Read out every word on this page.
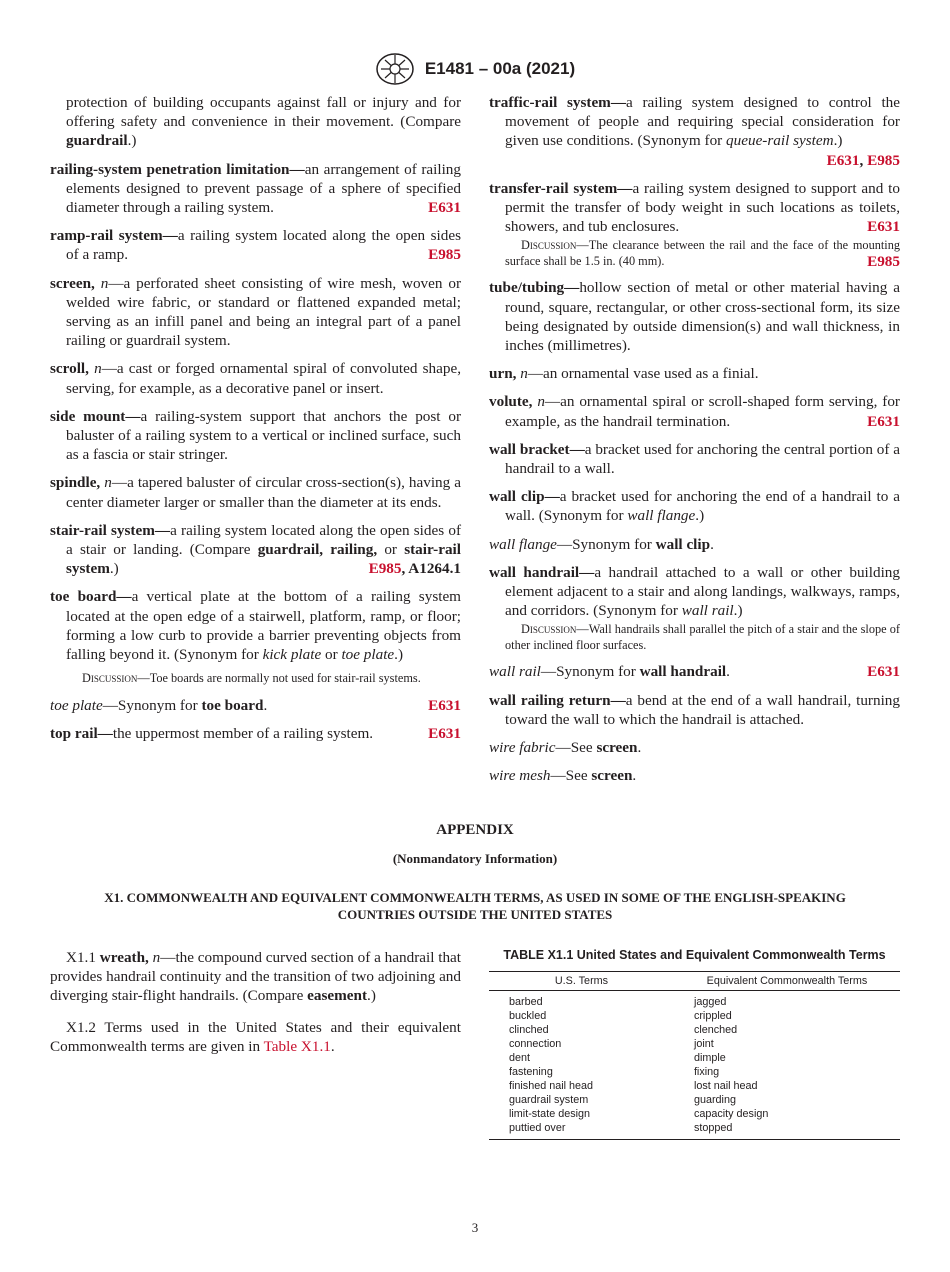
E1481 – 00a (2021)

protection of building occupants against fall or injury and for offering safety and convenience in their movement. (Compare guardrail.)

railing-system penetration limitation—an arrangement of railing elements designed to prevent passage of a sphere of specified diameter through a railing system.	E631

ramp-rail system—a railing system located along the open sides of a ramp.	E985

screen, n—a perforated sheet consisting of wire mesh, woven or welded wire fabric, or standard or flattened expanded metal; serving as an infill panel and being an integral part of a panel railing or guardrail system.

scroll, n—a cast or forged ornamental spiral of convoluted shape, serving, for example, as a decorative panel or insert.

side mount—a railing-system support that anchors the post or baluster of a railing system to a vertical or inclined surface, such as a fascia or stair stringer.

spindle, n—a tapered baluster of circular cross-section(s), having a center diameter larger or smaller than the diameter at its ends.

stair-rail system—a railing system located along the open sides of a stair or landing. (Compare guardrail, railing, or stair-rail system.)	E985, A1264.1

toe board—a vertical plate at the bottom of a railing system located at the open edge of a stairwell, platform, ramp, or floor; forming a low curb to provide a barrier preventing objects from falling beyond it. (Synonym for kick plate or toe plate.)

Discussion—Toe boards are normally not used for stair-rail systems.

toe plate—Synonym for toe board.	E631

top rail—the uppermost member of a railing system.	E631

traffic-rail system—a railing system designed to control the movement of people and requiring special consideration for given use conditions. (Synonym for queue-rail system.)
E631, E985

transfer-rail system—a railing system designed to support and to permit the transfer of body weight in such locations as toilets, showers, and tub enclosures.	E631

Discussion—The clearance between the rail and the face of the mounting surface shall be 1.5 in. (40 mm).	E985

tube/tubing—hollow section of metal or other material having a round, square, rectangular, or other cross-sectional form, its size being designated by outside dimension(s) and wall thickness, in inches (millimetres).

urn, n—an ornamental vase used as a finial.

volute, n—an ornamental spiral or scroll-shaped form serving, for example, as the handrail termination.	E631

wall bracket—a bracket used for anchoring the central portion of a handrail to a wall.

wall clip—a bracket used for anchoring the end of a handrail to a wall. (Synonym for wall flange.)

wall flange—Synonym for wall clip.

wall handrail—a handrail attached to a wall or other building element adjacent to a stair and along landings, walkways, ramps, and corridors. (Synonym for wall rail.)

Discussion—Wall handrails shall parallel the pitch of a stair and the slope of other inclined floor surfaces.

wall rail—Synonym for wall handrail.	E631

wall railing return—a bend at the end of a wall handrail, turning toward the wall to which the handrail is attached.

wire fabric—See screen.

wire mesh—See screen.

APPENDIX
(Nonmandatory Information)
X1. COMMONWEALTH AND EQUIVALENT COMMONWEALTH TERMS, AS USED IN SOME OF THE ENGLISH-SPEAKING COUNTRIES OUTSIDE THE UNITED STATES

X1.1 wreath, n—the compound curved section of a handrail that provides handrail continuity and the transition of two adjoining and diverging stair-flight handrails. (Compare easement.)

X1.2 Terms used in the United States and their equivalent Commonwealth terms are given in Table X1.1.

TABLE X1.1 United States and Equivalent Commonwealth Terms
U.S. Terms	Equivalent Commonwealth Terms
barbed	jagged
buckled	crippled
clinched	clenched
connection	joint
dent	dimple
fastening	fixing
finished nail head	lost nail head
guardrail system	guarding
limit-state design	capacity design
puttied over	stopped
3
